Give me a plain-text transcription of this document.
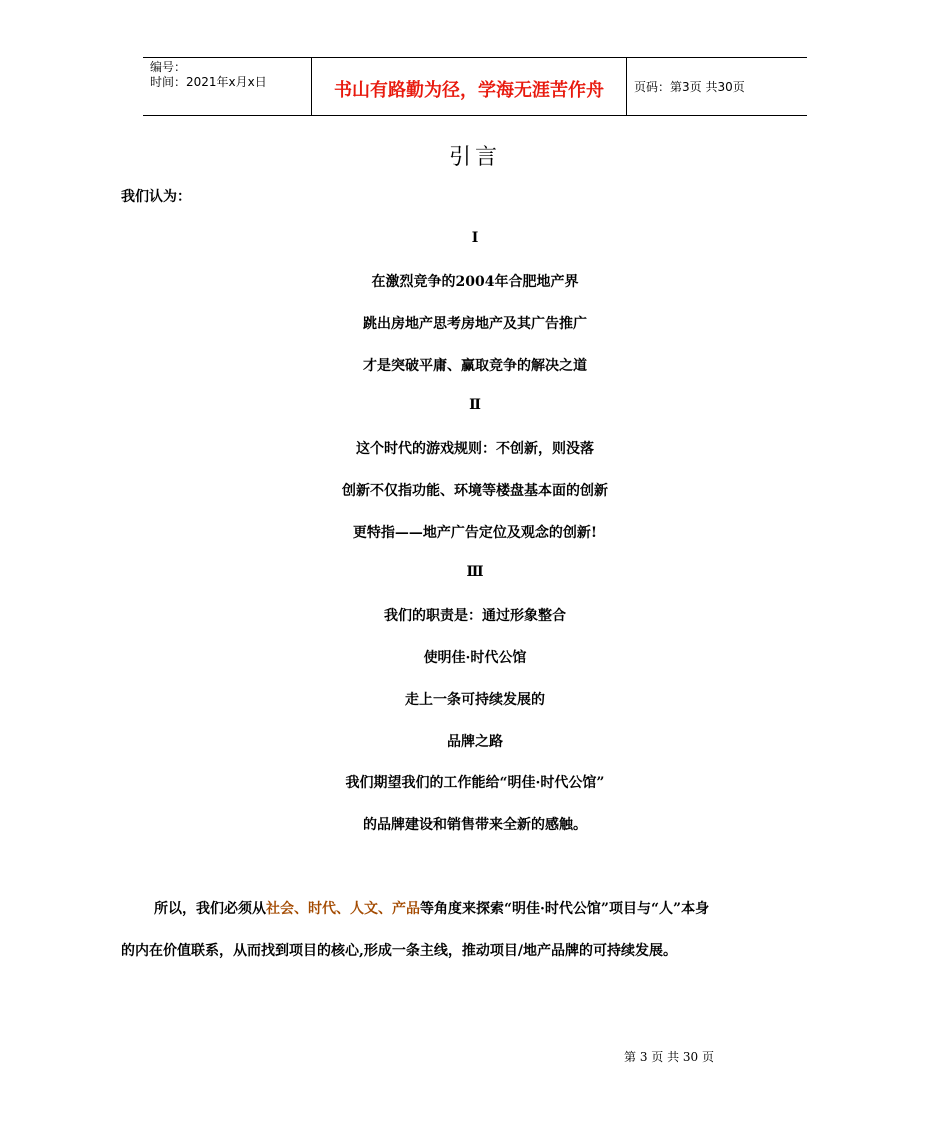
编号：
时间：2021年x月x日	书山有路勤为径，学海无涯苦作舟	页码：第3页 共30页
引言
我们认为：
Ⅰ
在激烈竞争的2004年合肥地产界
跳出房地产思考房地产及其广告推广
才是突破平庸、赢取竞争的解决之道
Ⅱ
这个时代的游戏规则：不创新，则没落
创新不仅指功能、环境等楼盘基本面的创新
更特指——地产广告定位及观念的创新!
Ⅲ
我们的职责是：通过形象整合
使明佳·时代公馆
走上一条可持续发展的
品牌之路
我们期望我们的工作能给“明佳·时代公馆”
的品牌建设和销售带来全新的感触。
所以，我们必须从社会、时代、人文、产品等角度来探索“明佳·时代公馆”项目与“人”本身
的内在价值联系，从而找到项目的核心,形成一条主线，推动项目/地产品牌的可持续发展。
第 3 页 共 30 页
